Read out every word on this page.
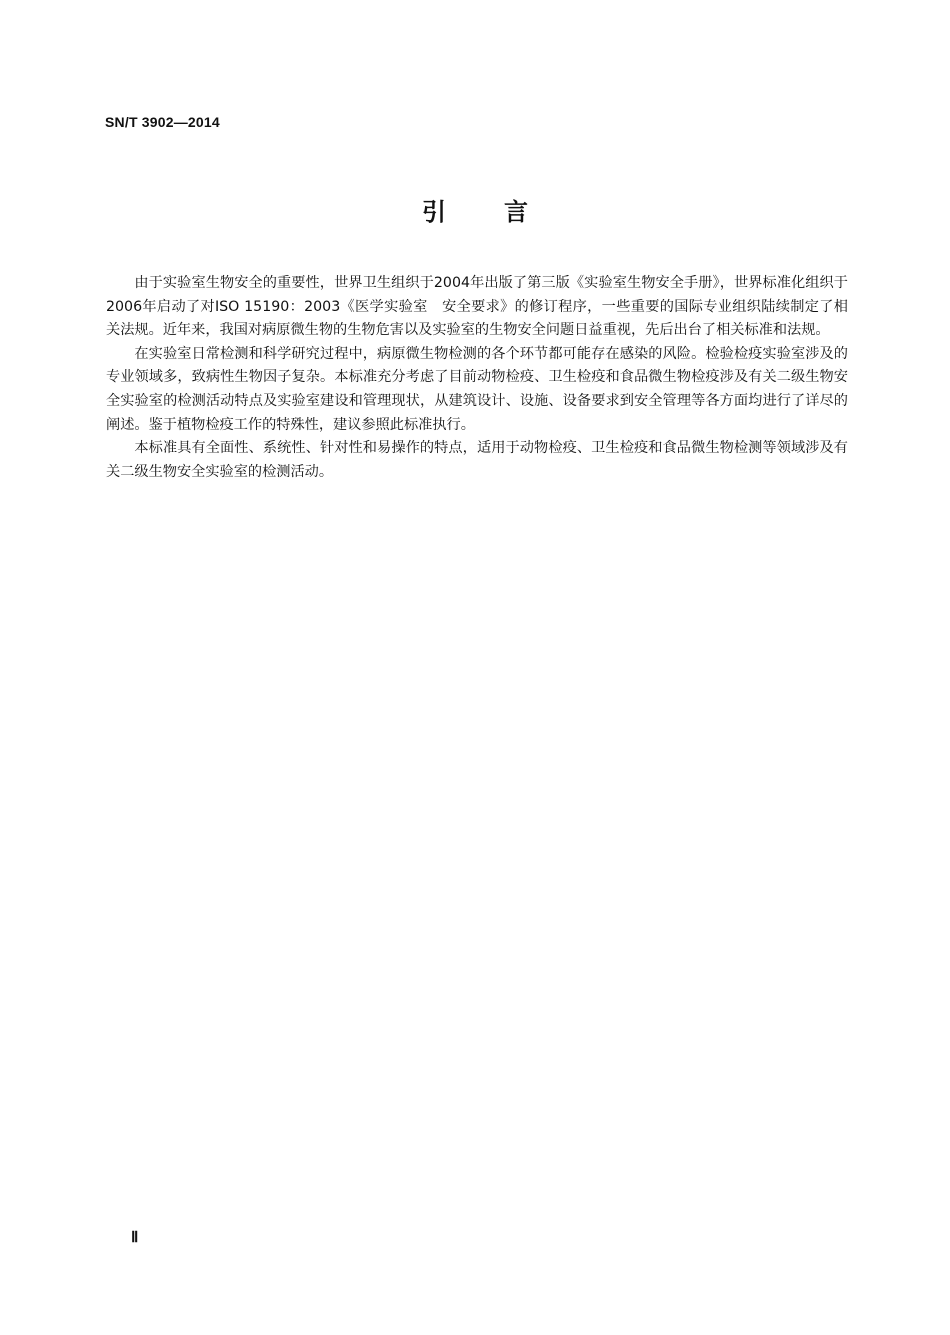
SN/T 3902—2014
引言

由于实验室生物安全的重要性，世界卫生组织于2004年出版了第三版《实验室生物安全手册》，世界标准化组织于2006年启动了对ISO 15190：2003《医学实验室　安全要求》的修订程序，一些重要的国际专业组织陆续制定了相关法规。近年来，我国对病原微生物的生物危害以及实验室的生物安全问题日益重视，先后出台了相关标准和法规。

在实验室日常检测和科学研究过程中，病原微生物检测的各个环节都可能存在感染的风险。检验检疫实验室涉及的专业领域多，致病性生物因子复杂。本标准充分考虑了目前动物检疫、卫生检疫和食品微生物检疫涉及有关二级生物安全实验室的检测活动特点及实验室建设和管理现状，从建筑设计、设施、设备要求到安全管理等各方面均进行了详尽的阐述。鉴于植物检疫工作的特殊性，建议参照此标准执行。

本标准具有全面性、系统性、针对性和易操作的特点，适用于动物检疫、卫生检疫和食品微生物检测等领域涉及有关二级生物安全实验室的检测活动。

Ⅱ
